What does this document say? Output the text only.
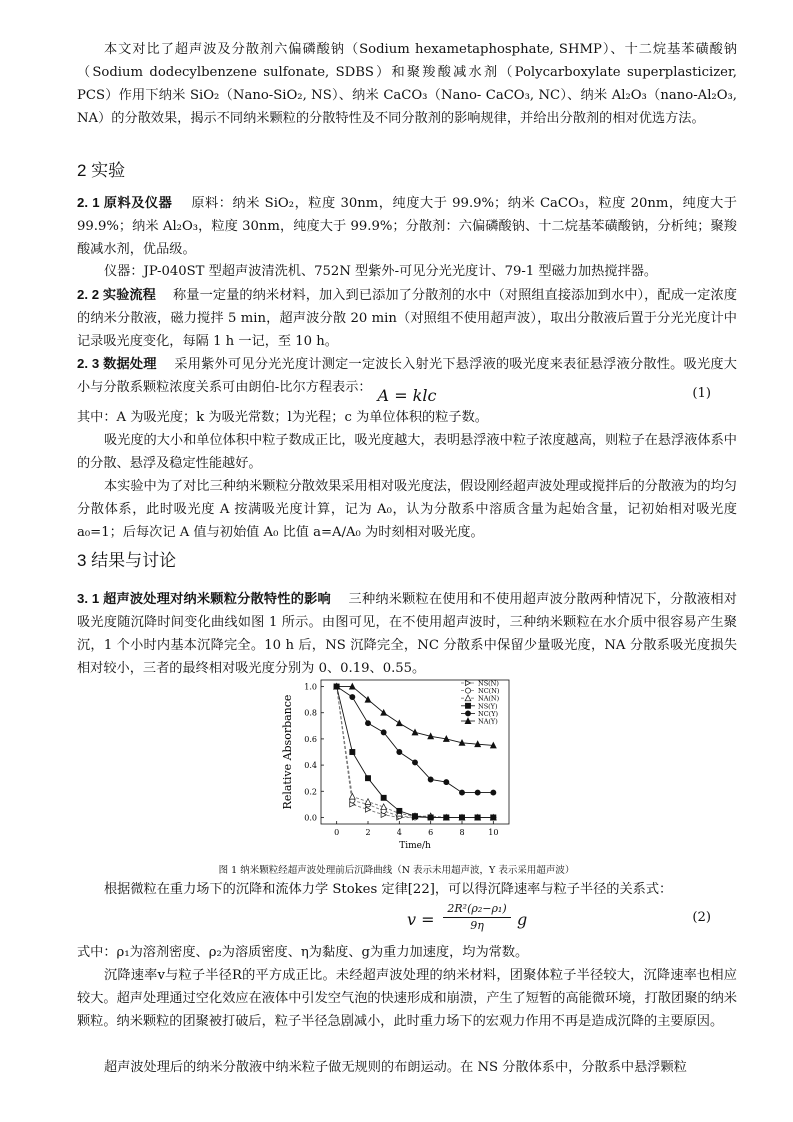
本文对比了超声波及分散剂六偏磷酸钠（Sodium hexametaphosphate, SHMP）、十二烷基苯磺酸钠（Sodium dodecylbenzene sulfonate, SDBS）和聚羧酸减水剂（Polycarboxylate superplasticizer, PCS）作用下纳米 SiO₂（Nano-SiO₂, NS）、纳米 CaCO₃（Nano- CaCO₃, NC）、纳米 Al₂O₃（nano-Al₂O₃, NA）的分散效果，揭示不同纳米颗粒的分散特性及不同分散剂的影响规律，并给出分散剂的相对优选方法。

2 实验

2. 1 原料及仪器 原料：纳米 SiO₂，粒度 30nm，纯度大于 99.9%；纳米 CaCO₃，粒度 20nm，纯度大于 99.9%；纳米 Al₂O₃，粒度 30nm，纯度大于 99.9%；分散剂：六偏磷酸钠、十二烷基苯磺酸钠，分析纯；聚羧酸减水剂，优品级。

仪器：JP-040ST 型超声波清洗机、752N 型紫外-可见分光光度计、79-1 型磁力加热搅拌器。

2. 2 实验流程 称量一定量的纳米材料，加入到已添加了分散剂的水中（对照组直接添加到水中），配成一定浓度的纳米分散液，磁力搅拌 5 min，超声波分散 20 min（对照组不使用超声波），取出分散液后置于分光光度计中记录吸光度变化，每隔 1 h 一记，至 10 h。

2. 3 数据处理 采用紫外可见分光光度计测定一定波长入射光下悬浮液的吸光度来表征悬浮液分散性。吸光度大小与分散系颗粒浓度关系可由朗伯-比尔方程表示： A = klc	(1)

其中：A 为吸光度；k 为吸光常数；l为光程；c 为单位体积的粒子数。

吸光度的大小和单位体积中粒子数成正比，吸光度越大，表明悬浮液中粒子浓度越高，则粒子在悬浮液体系中的分散、悬浮及稳定性能越好。

本实验中为了对比三种纳米颗粒分散效果采用相对吸光度法，假设刚经超声波处理或搅拌后的分散液为的均匀分散体系，此时吸光度 A 按满吸光度计算，记为 A₀，认为分散系中溶质含量为起始含量，记初始相对吸光度 a₀=1；后每次记 A 值与初始值 A₀ 比值 a=A/A₀ 为时刻相对吸光度。

3 结果与讨论

3. 1 超声波处理对纳米颗粒分散特性的影响 三种纳米颗粒在使用和不使用超声波分散两种情况下，分散液相对吸光度随沉降时间变化曲线如图 1 所示。由图可见，在不使用超声波时，三种纳米颗粒在水介质中很容易产生聚沉，1 个小时内基本沉降完全。10 h 后，NS 沉降完全，NC 分散系中保留少量吸光度，NA 分散系吸光度损失相对较小，三者的最终相对吸光度分别为 0、0.19、0.55。

0	2	4	6	8	10
0.0
0.2
0.4
0.6
0.8
1.0
Time/h
Relative Absorbance
NS(N)
NC(N)
NA(N)
NS(Y)
NC(Y)
NA(Y)
图 1 纳米颗粒经超声波处理前后沉降曲线（N 表示未用超声波，Y 表示采用超声波）

根据微粒在重力场下的沉降和流体力学 Stokes 定律[22]，可以得沉降速率与粒子半径的关系式：

v =
2R²(ρ₂−ρ₁)
9η	g	(2)

式中：ρ₁为溶剂密度、ρ₂为溶质密度、η为黏度、g为重力加速度，均为常数。

沉降速率v与粒子半径R的平方成正比。未经超声波处理的纳米材料，团聚体粒子半径较大，沉降速率也相应较大。超声处理通过空化效应在液体中引发空气泡的快速形成和崩溃，产生了短暂的高能微环境，打散团聚的纳米颗粒。纳米颗粒的团聚被打破后，粒子半径急剧减小，此时重力场下的宏观力作用不再是造成沉降的主要原因。

超声波处理后的纳米分散液中纳米粒子做无规则的布朗运动。在 NS 分散体系中，分散系中悬浮颗粒
